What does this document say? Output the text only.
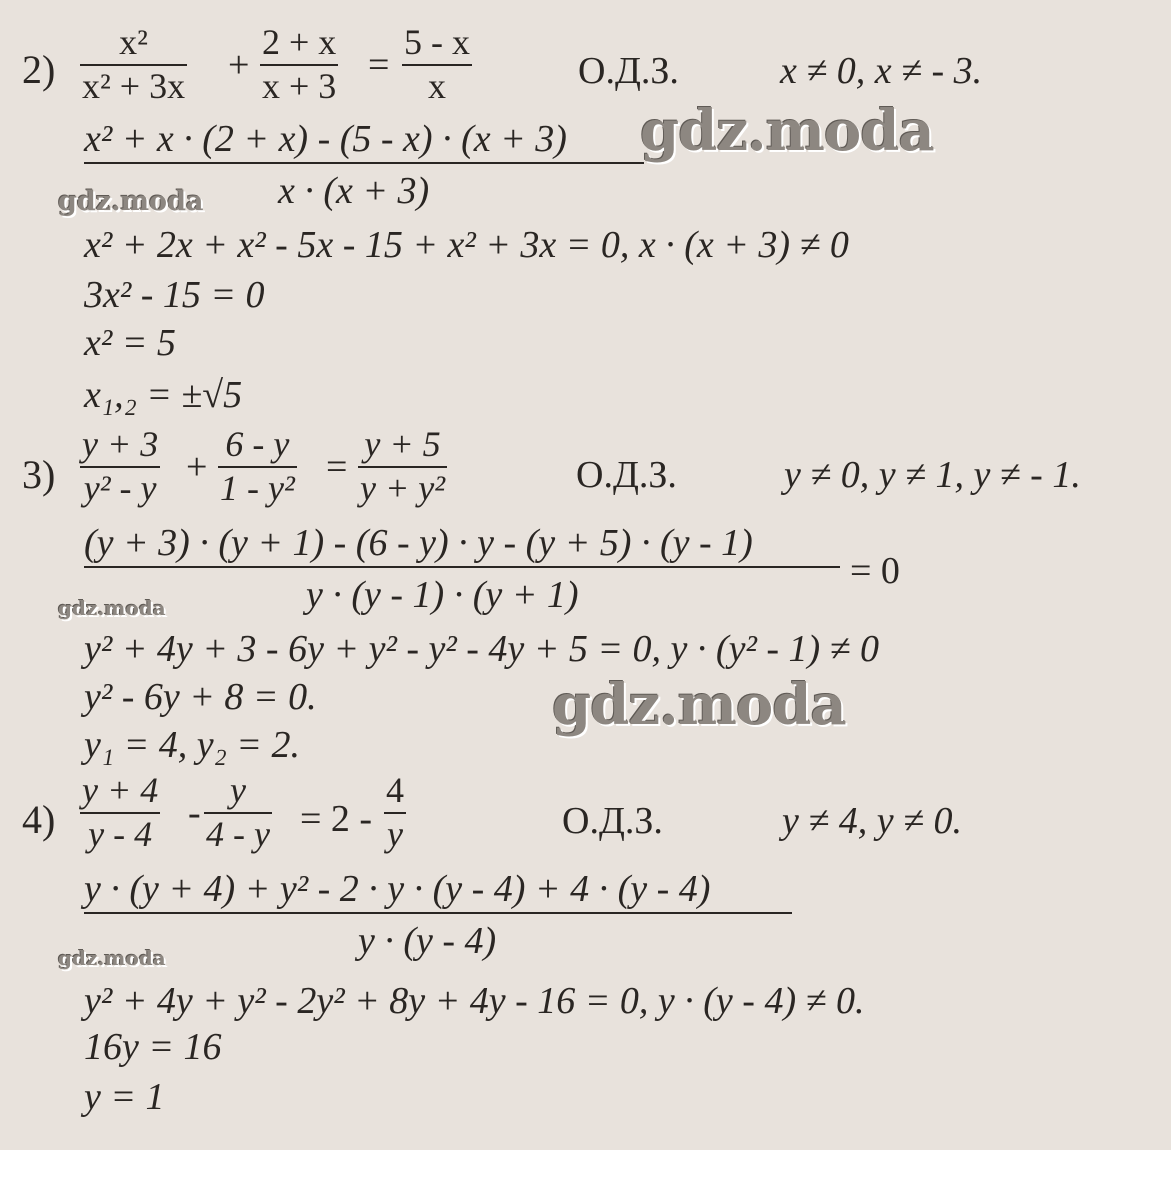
2)
x²
x² + 3x +
2 + x
x + 3 =
5 - x
x	О.Д.З.	x ≠ 0, x ≠ - 3.
x² + x · (2 + x) - (5 - x) · (x + 3)
x · (x + 3)
x² + 2x + x² - 5x - 15 + x² + 3x = 0, x · (x + 3) ≠ 0
3x² - 15 = 0
x² = 5
x₁,₂ = ±√5
3)
y + 3
y² - y +
6 - y
1 - y² =
y + 5
y + y²	О.Д.З.	y ≠ 0, y ≠ 1, y ≠ - 1.
(y + 3) · (y + 1) - (6 - y) · y - (y + 5) · (y - 1)
y · (y - 1) · (y + 1)
= 0
y² + 4y + 3 - 6y + y² - y² - 4y + 5 = 0, y · (y² - 1) ≠ 0
y² - 6y + 8 = 0.
y₁ = 4, y₂ = 2.
4)
y + 4
y - 4 -
y
4 - y = 2 -
4
y	О.Д.З.	y ≠ 4, y ≠ 0.
y · (y + 4) + y² - 2 · y · (y - 4) + 4 · (y - 4)
y · (y - 4)
y² + 4y + y² - 2y² + 8y + 4y - 16 = 0, y · (y - 4) ≠ 0.
16y = 16
y = 1
gdz.moda
gdz.moda
gdz.moda
gdz.moda
gdz.moda
